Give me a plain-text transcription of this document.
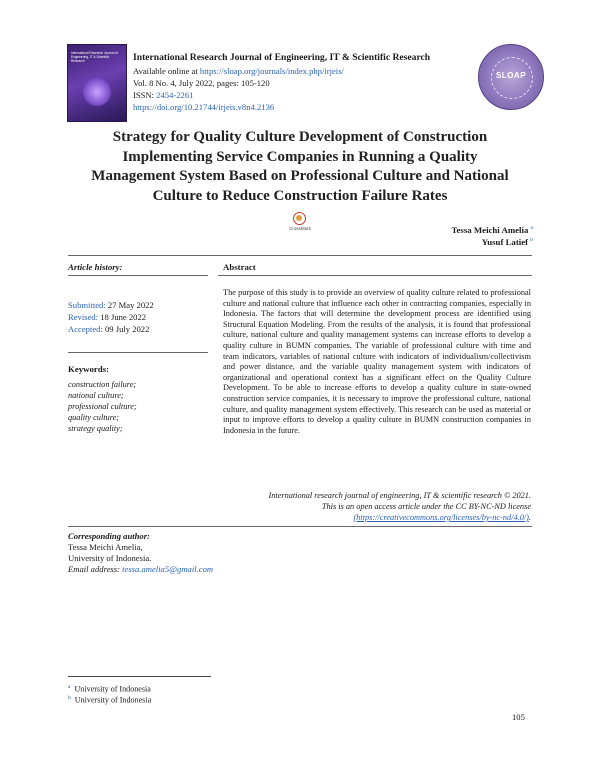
International Research Journal of Engineering, IT & Scientific Research	International Research Journal of Engineering, IT & Scientific Research
Available online at https://sloap.org/journals/index.php/irjeis/
Vol. 8 No. 4, July 2022, pages: 105-120
ISSN: 2454-2261
https://doi.org/10.21744/irjeis.v8n4.2136
SLOAP
Strategy for Quality Culture Development of Construction
Implementing Service Companies in Running a Quality
Management System Based on Professional Culture and National
Culture to Reduce Construction Failure Rates
CrossMark	Tessa Meichi Amelia $^a$
Yusuf Latief $^b$
Article history:	Abstract
Submitted: 27 May 2022
Revised: 18 June 2022
Accepted: 09 July 2022
Keywords:
construction failure;
national culture;
professional culture;
quality culture;
strategy quality;
The purpose of this study is to provide an overview of quality culture related to professional culture and national culture that influence each other in contracting companies, especially in Indonesia. The factors that will determine the development process are identified using Structural Equation Modeling. From the results of the analysis, it is found that professional culture, national culture and quality management systems can increase efforts to develop a quality culture in BUMN companies. The variable of professional culture with time and team indicators, variables of national culture with indicators of individualism/collectivism and power distance, and the variable quality management system with indicators of organizational and operational context has a significant effect on the Quality Culture Development. To be able to increase efforts to develop a quality culture in state-owned construction service companies, it is necessary to improve the professional culture, national culture, and quality management system effectively. This research can be used as material or input to improve efforts to develop a quality culture in BUMN construction companies in Indonesia in the future.
International research journal of engineering, IT & scientific research © 2021.
This is an open access article under the CC BY-NC-ND license
(https://creativecommons.org/licenses/by-nc-nd/4.0/).
Corresponding author:
Tessa Meichi Amelia,
University of Indonesia.
Email address: tessa.amelia5@gmail.com
$^a$ University of Indonesia
$^b$ University of Indonesia
105
